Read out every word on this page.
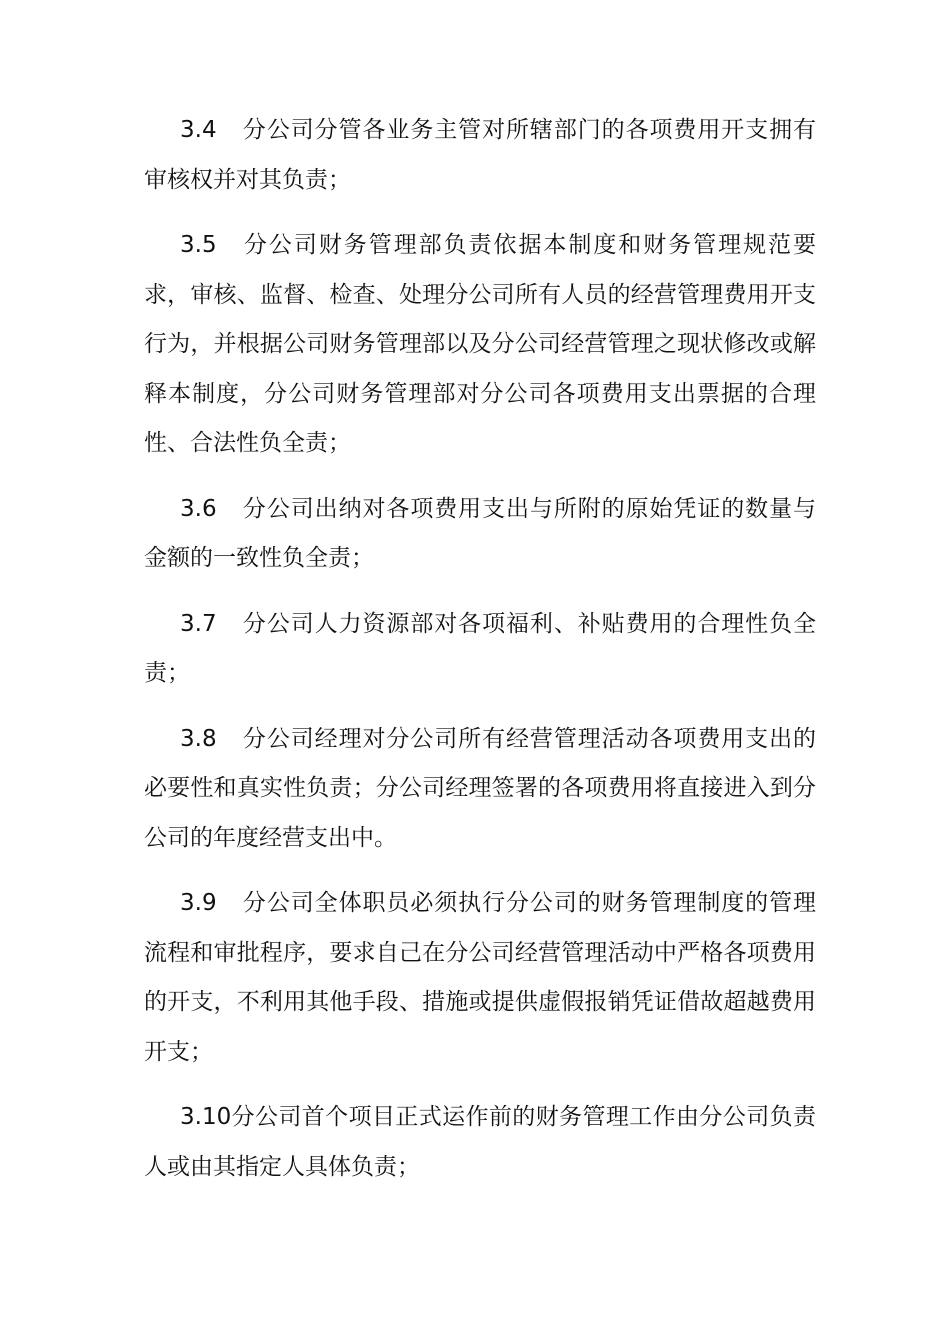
3.4 分公司分管各业务主管对所辖部门的各项费用开支拥有审核权并对其负责；

3.5 分公司财务管理部负责依据本制度和财务管理规范要求，审核、监督、检查、处理分公司所有人员的经营管理费用开支行为，并根据公司财务管理部以及分公司经营管理之现状修改或解释本制度，分公司财务管理部对分公司各项费用支出票据的合理性、合法性负全责；

3.6 分公司出纳对各项费用支出与所附的原始凭证的数量与金额的一致性负全责；

3.7 分公司人力资源部对各项福利、补贴费用的合理性负全责；

3.8 分公司经理对分公司所有经营管理活动各项费用支出的必要性和真实性负责；分公司经理签署的各项费用将直接进入到分公司的年度经营支出中。

3.9 分公司全体职员必须执行分公司的财务管理制度的管理流程和审批程序，要求自己在分公司经营管理活动中严格各项费用的开支，不利用其他手段、措施或提供虚假报销凭证借故超越费用开支；

3.10分公司首个项目正式运作前的财务管理工作由分公司负责人或由其指定人具体负责；
